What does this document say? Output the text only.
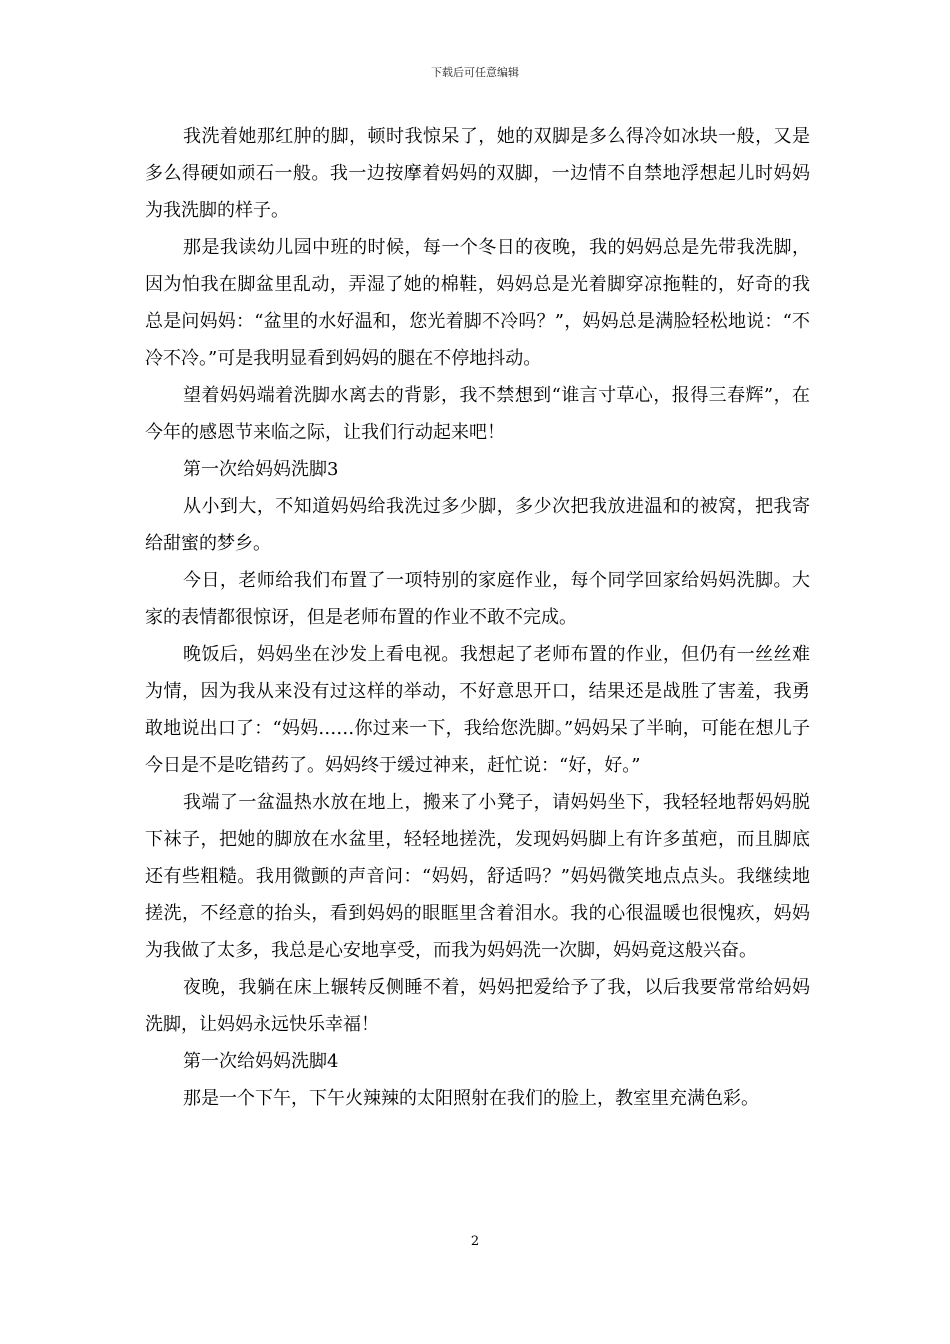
下载后可任意编辑

我洗着她那红肿的脚，顿时我惊呆了，她的双脚是多么得冷如冰块一般，又是多么得硬如顽石一般。我一边按摩着妈妈的双脚，一边情不自禁地浮想起儿时妈妈为我洗脚的样子。

那是我读幼儿园中班的时候，每一个冬日的夜晚，我的妈妈总是先带我洗脚，因为怕我在脚盆里乱动，弄湿了她的棉鞋，妈妈总是光着脚穿凉拖鞋的，好奇的我总是问妈妈：“盆里的水好温和，您光着脚不冷吗？”，妈妈总是满脸轻松地说：“不冷不冷。”可是我明显看到妈妈的腿在不停地抖动。

望着妈妈端着洗脚水离去的背影，我不禁想到“谁言寸草心，报得三春辉”，在今年的感恩节来临之际，让我们行动起来吧！

第一次给妈妈洗脚3

从小到大，不知道妈妈给我洗过多少脚，多少次把我放进温和的被窝，把我寄给甜蜜的梦乡。

今日，老师给我们布置了一项特别的家庭作业，每个同学回家给妈妈洗脚。大家的表情都很惊讶，但是老师布置的作业不敢不完成。

晚饭后，妈妈坐在沙发上看电视。我想起了老师布置的作业，但仍有一丝丝难为情，因为我从来没有过这样的举动，不好意思开口，结果还是战胜了害羞，我勇敢地说出口了：“妈妈……你过来一下，我给您洗脚。”妈妈呆了半晌，可能在想儿子今日是不是吃错药了。妈妈终于缓过神来，赶忙说：“好，好。”

我端了一盆温热水放在地上，搬来了小凳子，请妈妈坐下，我轻轻地帮妈妈脱下袜子，把她的脚放在水盆里，轻轻地搓洗，发现妈妈脚上有许多茧疤，而且脚底还有些粗糙。我用微颤的声音问：“妈妈，舒适吗？”妈妈微笑地点点头。我继续地搓洗，不经意的抬头，看到妈妈的眼眶里含着泪水。我的心很温暖也很愧疚，妈妈为我做了太多，我总是心安地享受，而我为妈妈洗一次脚，妈妈竟这般兴奋。

夜晚，我躺在床上辗转反侧睡不着，妈妈把爱给予了我，以后我要常常给妈妈洗脚，让妈妈永远快乐幸福！

第一次给妈妈洗脚4

那是一个下午，下午火辣辣的太阳照射在我们的脸上，教室里充满色彩。

2
